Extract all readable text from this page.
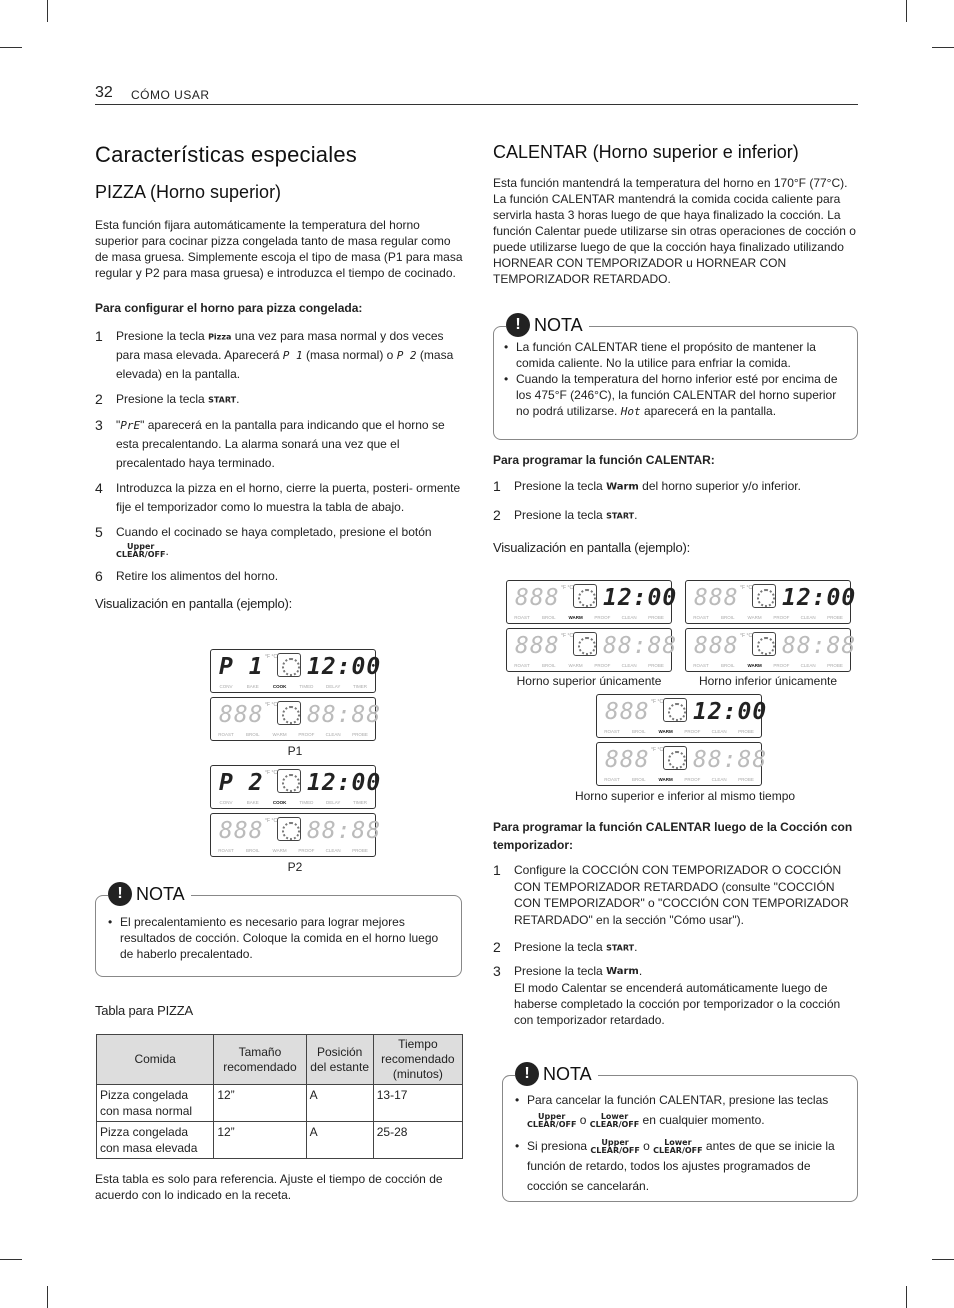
32 CÓMO USAR
Características especiales
PIZZA (Horno superior)

Esta función fijara automáticamente la temperatura del horno superior para cocinar pizza congelada tanto de masa regular como de masa gruesa. Simplemente escoja el tipo de masa (P1 para masa regular y P2 para masa gruesa) e introduzca el tiempo de cocinado.

Para configurar el horno para pizza congelada:
1	Presione la tecla Pizza una vez para masa normal y dos veces para masa elevada. Aparecerá P 1 (masa normal) o P 2 (masa elevada) en la pantalla.
2	Presione la tecla START.
3	"PrE" aparecerá en la pantalla para indicando que el horno se esta precalentando. La alarma sonará una vez que el precalentado haya terminado.
4	Introduzca la pizza en el horno, cierre la puerta, posteri- ormente fije el temporizador como lo muestra la tabla de abajo.
5	Cuando el cocinado se haya completado, presione el botón Upper
CLEAR/OFF.
6	Retire los alimentos del horno.
Visualización en pantalla (ejemplo):
P 1 °F °C 12:00
CONV	BAKE	COOK	TIMED	DELAY	TIMER
888 °F °C 88:88
ROAST	BROIL	WARM	PROOF	CLEAN	PROBE
P1
P 2 °F °C 12:00
CONV	BAKE	COOK	TIMED	DELAY	TIMER
888 °F °C 88:88
ROAST	BROIL	WARM	PROOF	CLEAN	PROBE
P2
! NOTA
• El precalentamiento es necesario para lograr mejores resultados de cocción. Coloque la comida en el horno luego de haberlo precalentado.
Tabla para PIZZA
Comida	Tamaño recomendado	Posición del estante	Tiempo recomendado (minutos)
Pizza congelada con masa normal	12”	A	13-17
Pizza congelada con masa elevada	12”	A	25-28

Esta tabla es solo para referencia. Ajuste el tiempo de cocción de acuerdo con lo indicado en la receta.

CALENTAR (Horno superior e inferior)

Esta función mantendrá la temperatura del horno en 170°F (77°C). La función CALENTAR mantendrá la comida cocida caliente para servirla hasta 3 horas luego de que haya finalizado la cocción. La función Calentar puede utilizarse sin otras operaciones de cocción o puede utilizarse luego de que la cocción haya finalizado utilizando HORNEAR CON TEMPORIZADOR u HORNEAR CON TEMPORIZADOR RETARDADO.

! NOTA
• La función CALENTAR tiene el propósito de mantener la comida caliente. No la utilice para enfriar la comida.
• Cuando la temperatura del horno inferior esté por encima de los 475°F (246°C), la función CALENTAR del horno superior no podrá utilizarse. Hot aparecerá en la pantalla.
Para programar la función CALENTAR:
1	Presione la tecla Warm del horno superior y/o inferior.
2	Presione la tecla START.
Visualización en pantalla (ejemplo):
888 °F °C 12:00
ROAST	BROIL	WARM	PROOF	CLEAN	PROBE
888 °F °C 88:88
ROAST	BROIL	WARM	PROOF	CLEAN	PROBE
Horno superior únicamente
888 °F °C 12:00
ROAST	BROIL	WARM	PROOF	CLEAN	PROBE
888 °F °C 88:88
ROAST	BROIL	WARM	PROOF	CLEAN	PROBE
Horno inferior únicamente
888 °F °C 12:00
ROAST	BROIL	WARM	PROOF	CLEAN	PROBE
888 °F °C 88:88
ROAST	BROIL	WARM	PROOF	CLEAN	PROBE
Horno superior e inferior al mismo tiempo
Para programar la función CALENTAR luego de la Cocción con temporizador:
1	Configure la COCCIÓN CON TEMPORIZADOR O COCCIÓN CON TEMPORIZADOR RETARDADO (consulte "COCCIÓN CON TEMPORIZADOR" o "COCCIÓN CON TEMPORIZADOR RETARDADO" en la sección "Cómo usar").
2	Presione la tecla START.
3	Presione la tecla Warm.
El modo Calentar se encenderá automáticamente luego de haberse completado la cocción por temporizador o la cocción con temporizador retardado.
! NOTA
• Para cancelar la función CALENTAR, presione las teclas Upper
CLEAR/OFF o Lower
CLEAR/OFF en cualquier momento.
• Si presiona Upper
CLEAR/OFF o Lower
CLEAR/OFF antes de que se inicie la función de retardo, todos los ajustes programados de cocción se cancelarán.
